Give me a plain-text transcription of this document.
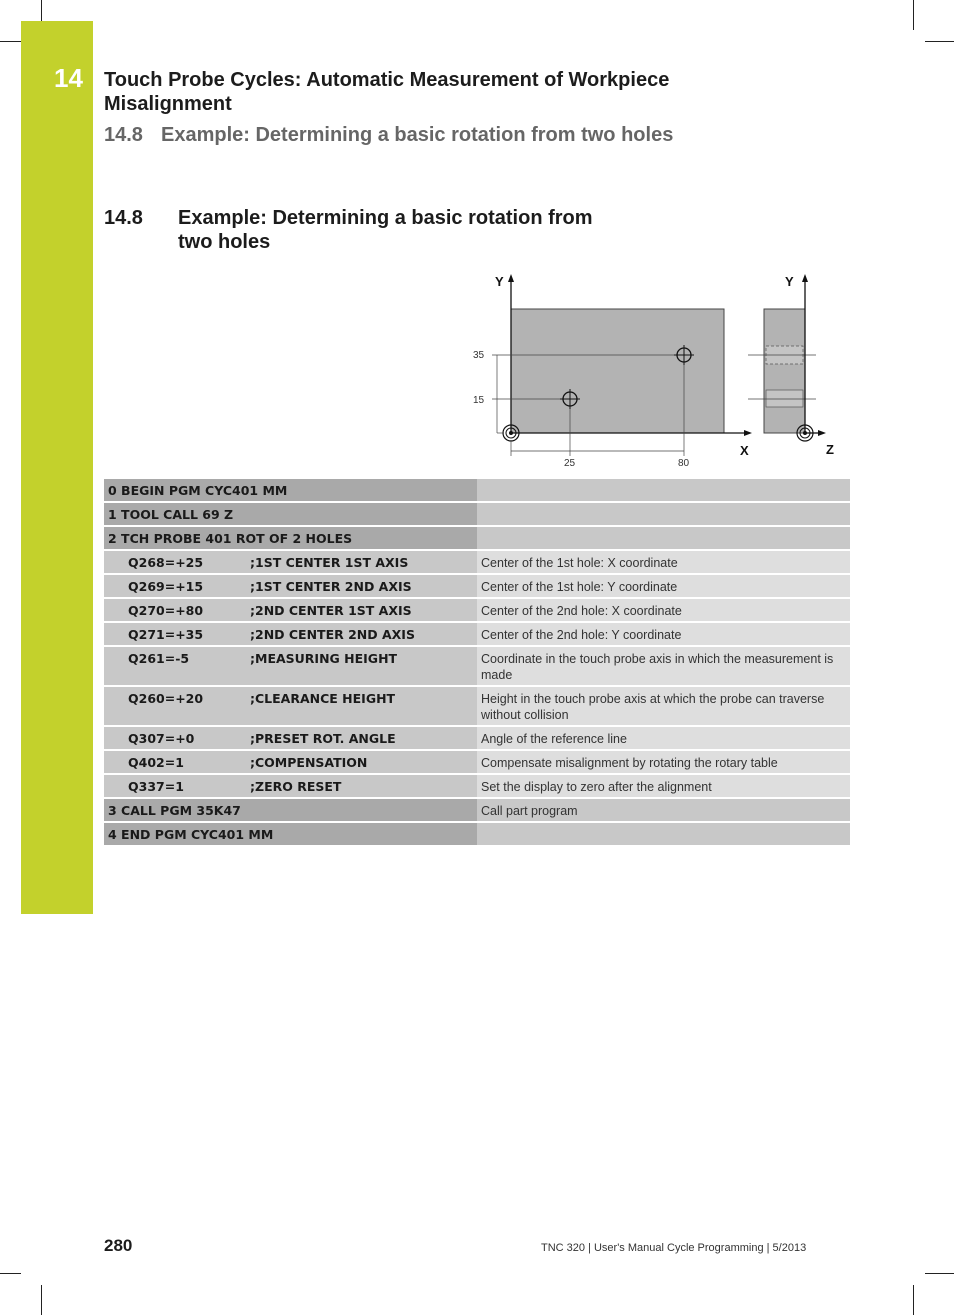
14 Touch Probe Cycles: Automatic Measurement of Workpiece Misalignment
14.8 Example: Determining a basic rotation from two holes
14.8 Example: Determining a basic rotation from two holes
Y
X
35
15
25	80
Y
Z
0 BEGIN PGM CYC401 MM		
1 TOOL CALL 69 Z		
2 TCH PROBE 401 ROT OF 2 HOLES		
Q268=+25	;1ST CENTER 1ST AXIS	Center of the 1st hole: X coordinate
Q269=+15	;1ST CENTER 2ND AXIS	Center of the 1st hole: Y coordinate
Q270=+80	;2ND CENTER 1ST AXIS	Center of the 2nd hole: X coordinate
Q271=+35	;2ND CENTER 2ND AXIS	Center of the 2nd hole: Y coordinate
Q261=-5	;MEASURING HEIGHT	Coordinate in the touch probe axis in which the measurement is made
Q260=+20	;CLEARANCE HEIGHT	Height in the touch probe axis at which the probe can traverse without collision
Q307=+0	;PRESET ROT. ANGLE	Angle of the reference line
Q402=1	;COMPENSATION	Compensate misalignment by rotating the rotary table
Q337=1	;ZERO RESET	Set the display to zero after the alignment
3 CALL PGM 35K47		Call part program
4 END PGM CYC401 MM		
280	TNC 320 | User's Manual Cycle Programming | 5/2013
